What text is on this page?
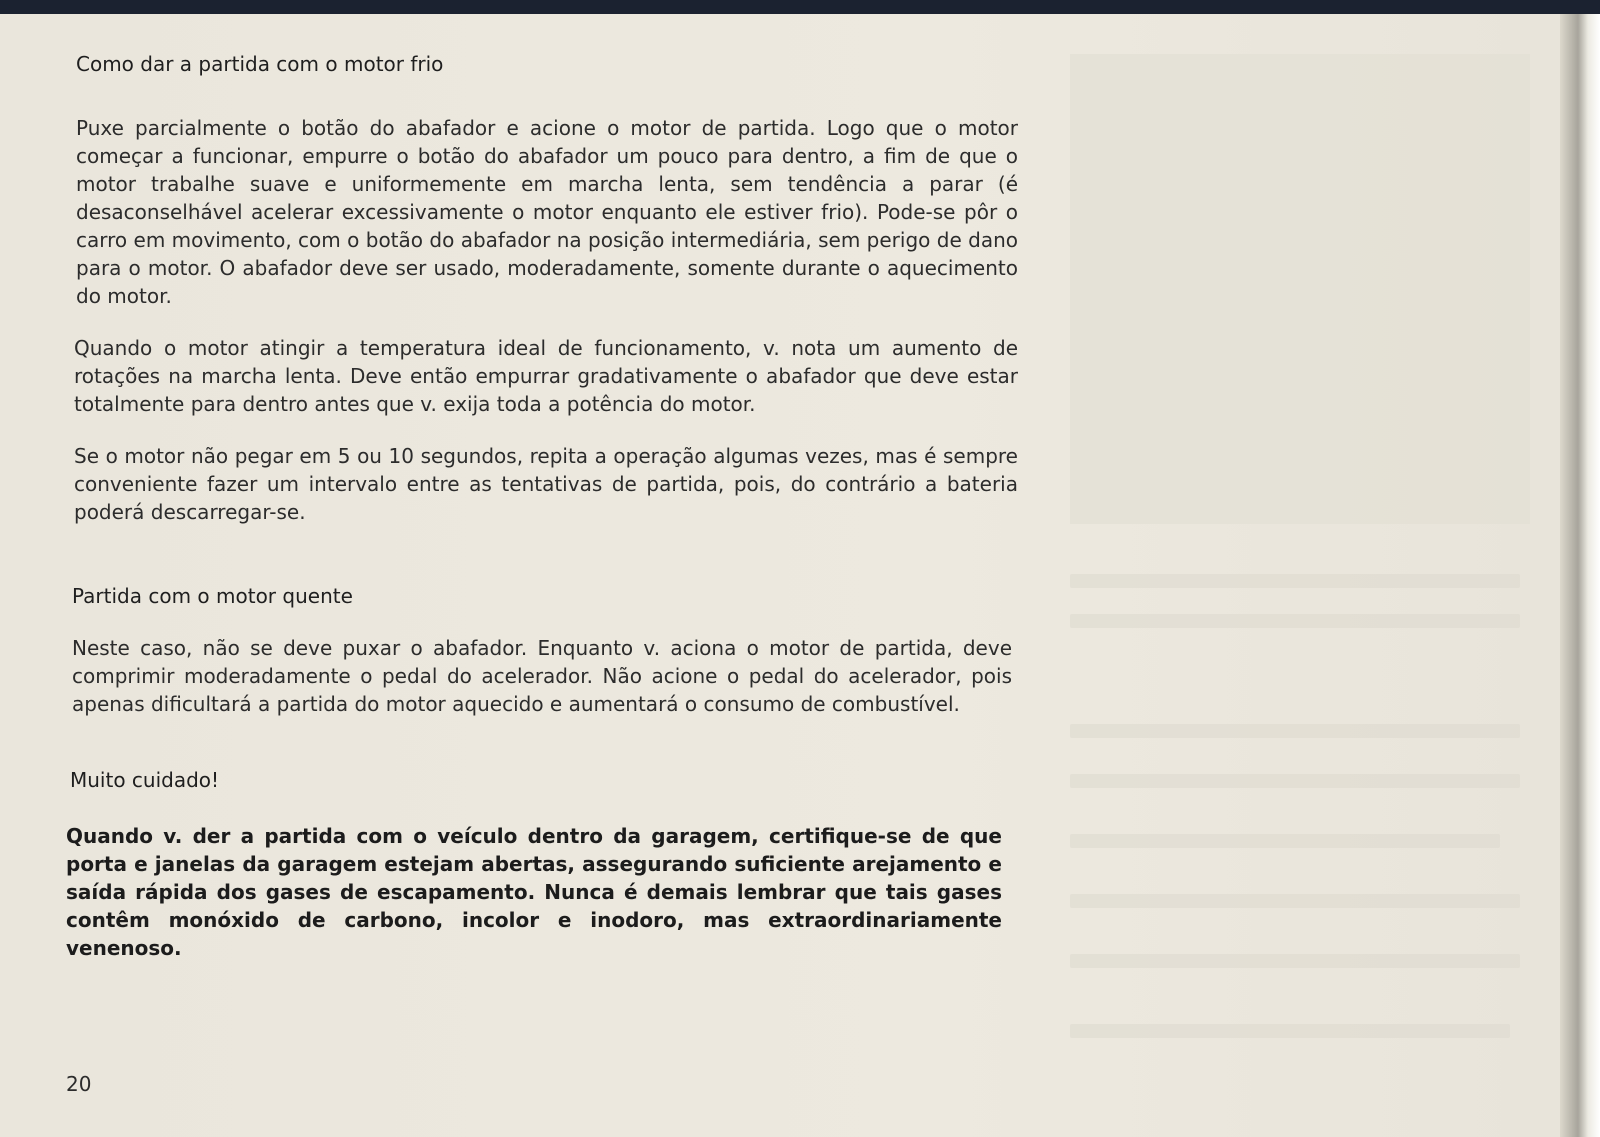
Como dar a partida com o motor frio

Puxe parcialmente o botão do abafador e acione o motor de partida. Logo que o motor começar a funcionar, empurre o botão do abafador um pouco para dentro, a fim de que o motor trabalhe suave e uniformemente em marcha lenta, sem tendência a parar (é desaconselhável acelerar excessivamente o motor enquanto ele estiver frio). Pode-se pôr o carro em movimento, com o botão do abafador na posição intermediária, sem perigo de dano para o motor. O abafador deve ser usado, moderadamente, somente durante o aquecimento do motor.

Quando o motor atingir a temperatura ideal de funcionamento, v. nota um aumento de rotações na marcha lenta. Deve então empurrar gradativamente o abafador que deve estar totalmente para dentro antes que v. exija toda a potência do motor.

Se o motor não pegar em 5 ou 10 segundos, repita a operação algumas vezes, mas é sempre conveniente fazer um intervalo entre as tentativas de partida, pois, do contrário a bateria poderá descarregar-se.

Partida com o motor quente

Neste caso, não se deve puxar o abafador. Enquanto v. aciona o motor de partida, deve comprimir moderadamente o pedal do acelerador. Não acione o pedal do acelerador, pois apenas dificultará a partida do motor aquecido e aumentará o consumo de combustível.

Muito cuidado!

Quando v. der a partida com o veículo dentro da garagem, certifique-se de que porta e janelas da garagem estejam abertas, assegurando suficiente arejamento e saída rápida dos gases de escapamento. Nunca é demais lembrar que tais gases contêm monóxido de carbono, incolor e inodoro, mas extraordinariamente venenoso.

20
